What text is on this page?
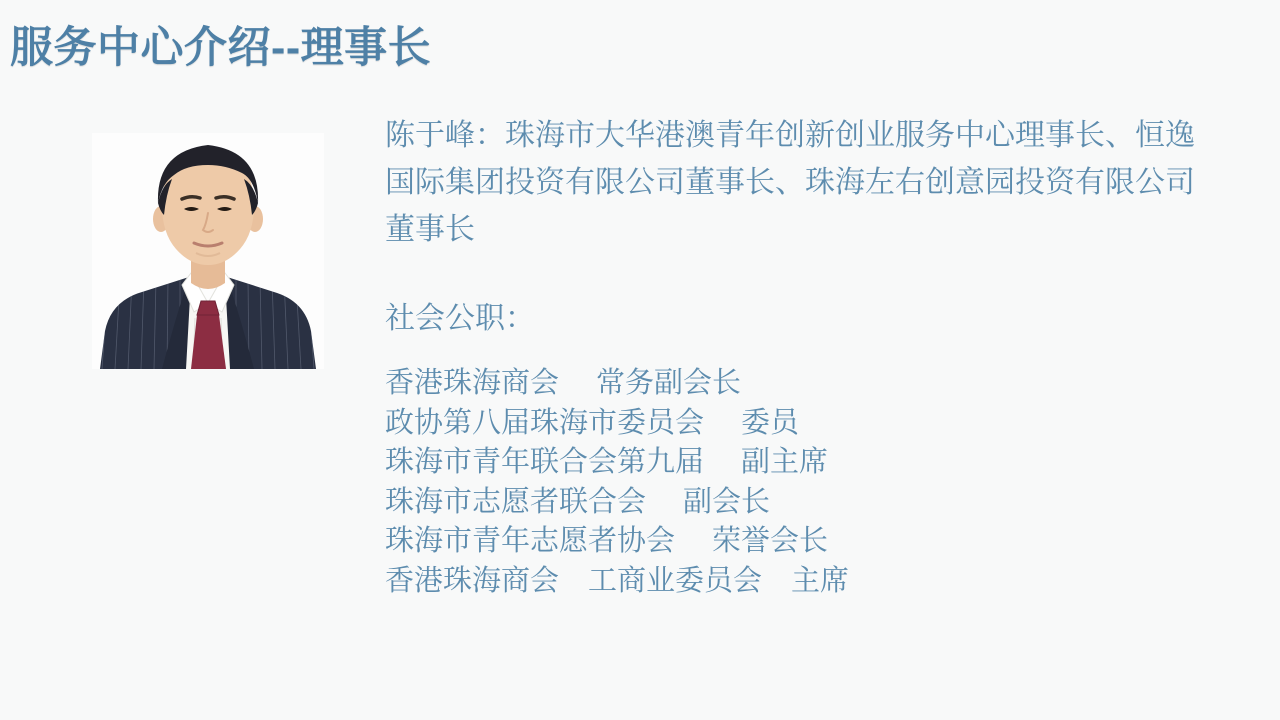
服务中心介绍--理事长

陈于峰：珠海市大华港澳青年创新创业服务中心理事长、恒逸
国际集团投资有限公司董事长、珠海左右创意园投资有限公司
董事长

社会公职：

香港珠海商会　 常务副会长
政协第八届珠海市委员会　 委员
珠海市青年联合会第九届　 副主席
珠海市志愿者联合会　 副会长
珠海市青年志愿者协会　 荣誉会长
香港珠海商会　工商业委员会　主席
